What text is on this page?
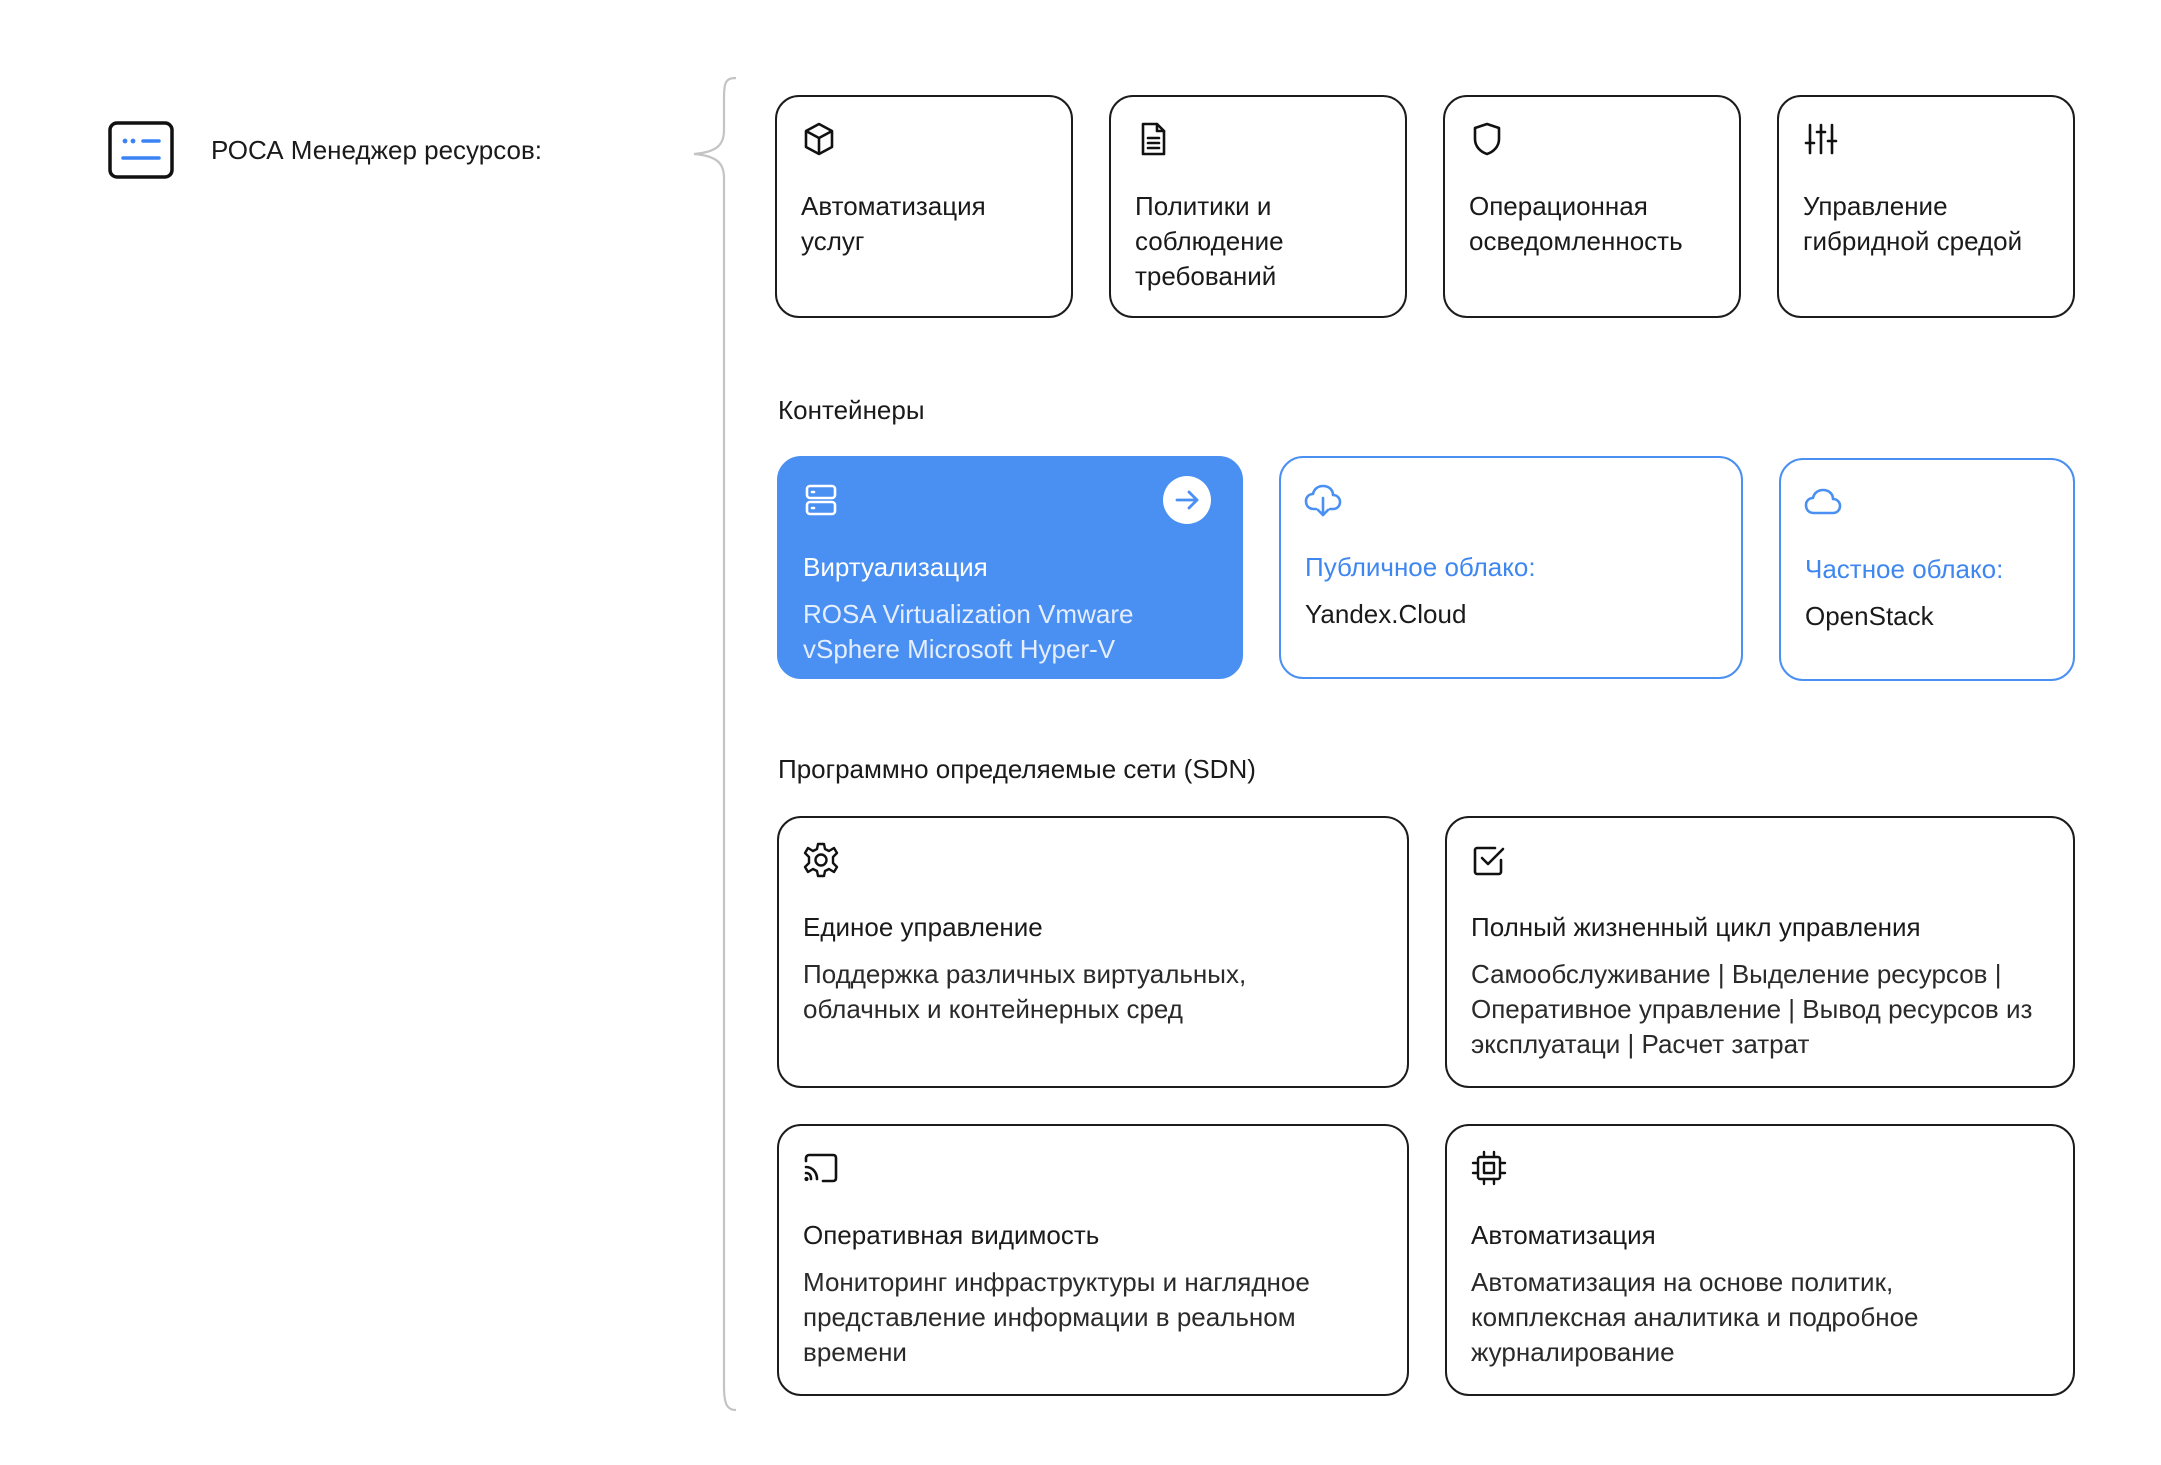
РОСА Менеджер ресурсов:
Автоматизация услуг
Политики и соблюдение требований
Операционная осведомленность
Управление гибридной средой
Контейнеры
Виртуализация
ROSA Virtualization Vmware vSphere Microsoft Hyper-V
Публичное облако:
Yandex.Cloud
Частное облако:
OpenStack
Программно определяемые сети (SDN)
Единое управление
Поддержка различных виртуальных, облачных и контейнерных сред
Полный жизненный цикл управления
Самообслуживание | Выделение ресурсов | Оперативное управление | Вывод ресурсов из эксплуатаци | Расчет затрат
Оперативная видимость
Мониторинг инфраструктуры и наглядное представление информации в реальном времени
Автоматизация
Автоматизация на основе политик, комплексная аналитика и подробное журналирование
